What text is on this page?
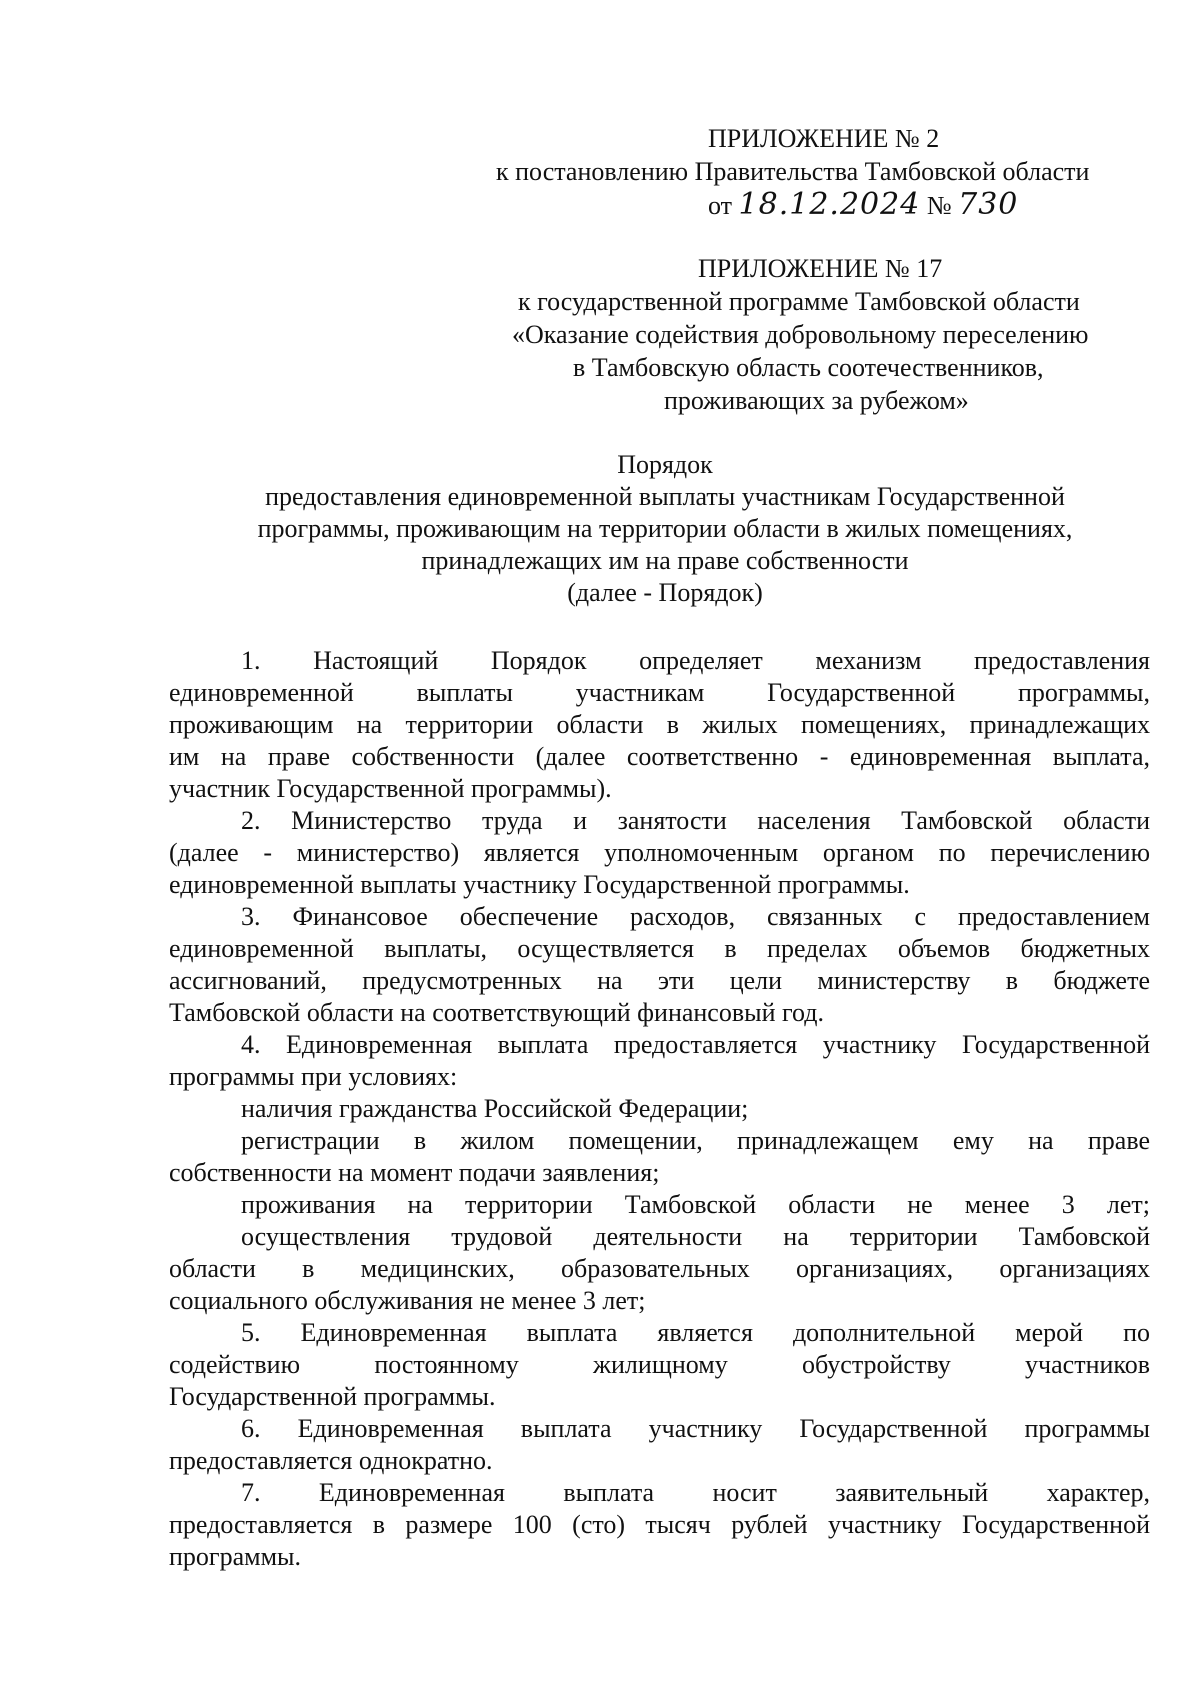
ПРИЛОЖЕНИЕ № 2
к постановлению Правительства Тамбовской области
от 18.12.2024 № 730
ПРИЛОЖЕНИЕ № 17
к государственной программе Тамбовской области
«Оказание содействия добровольному переселению
в Тамбовскую область соотечественников,
проживающих за рубежом»
Порядок
предоставления единовременной выплаты участникам Государственной
программы, проживающим на территории области в жилых помещениях,
принадлежащих им на праве собственности
(далее - Порядок)
1. Настоящий Порядок определяет механизм предоставления
единовременной выплаты участникам Государственной программы,
проживающим на территории области в жилых помещениях, принадлежащих
им на праве собственности (далее соответственно - единовременная выплата,
участник Государственной программы).
2. Министерство труда и занятости населения Тамбовской области
(далее - министерство) является уполномоченным органом по перечислению
единовременной выплаты участнику Государственной программы.
3. Финансовое обеспечение расходов, связанных с предоставлением
единовременной выплаты, осуществляется в пределах объемов бюджетных
ассигнований, предусмотренных на эти цели министерству в бюджете
Тамбовской области на соответствующий финансовый год.
4. Единовременная выплата предоставляется участнику Государственной
программы при условиях:
наличия гражданства Российской Федерации;
регистрации в жилом помещении, принадлежащем ему на праве
собственности на момент подачи заявления;
проживания на территории Тамбовской области не менее 3 лет;
осуществления трудовой деятельности на территории Тамбовской
области в медицинских, образовательных организациях, организациях
социального обслуживания не менее 3 лет;
5. Единовременная выплата является дополнительной мерой по
содействию постоянному жилищному обустройству участников
Государственной программы.
6. Единовременная выплата участнику Государственной программы
предоставляется однократно.
7. Единовременная выплата носит заявительный характер,
предоставляется в размере 100 (сто) тысяч рублей участнику Государственной
программы.
